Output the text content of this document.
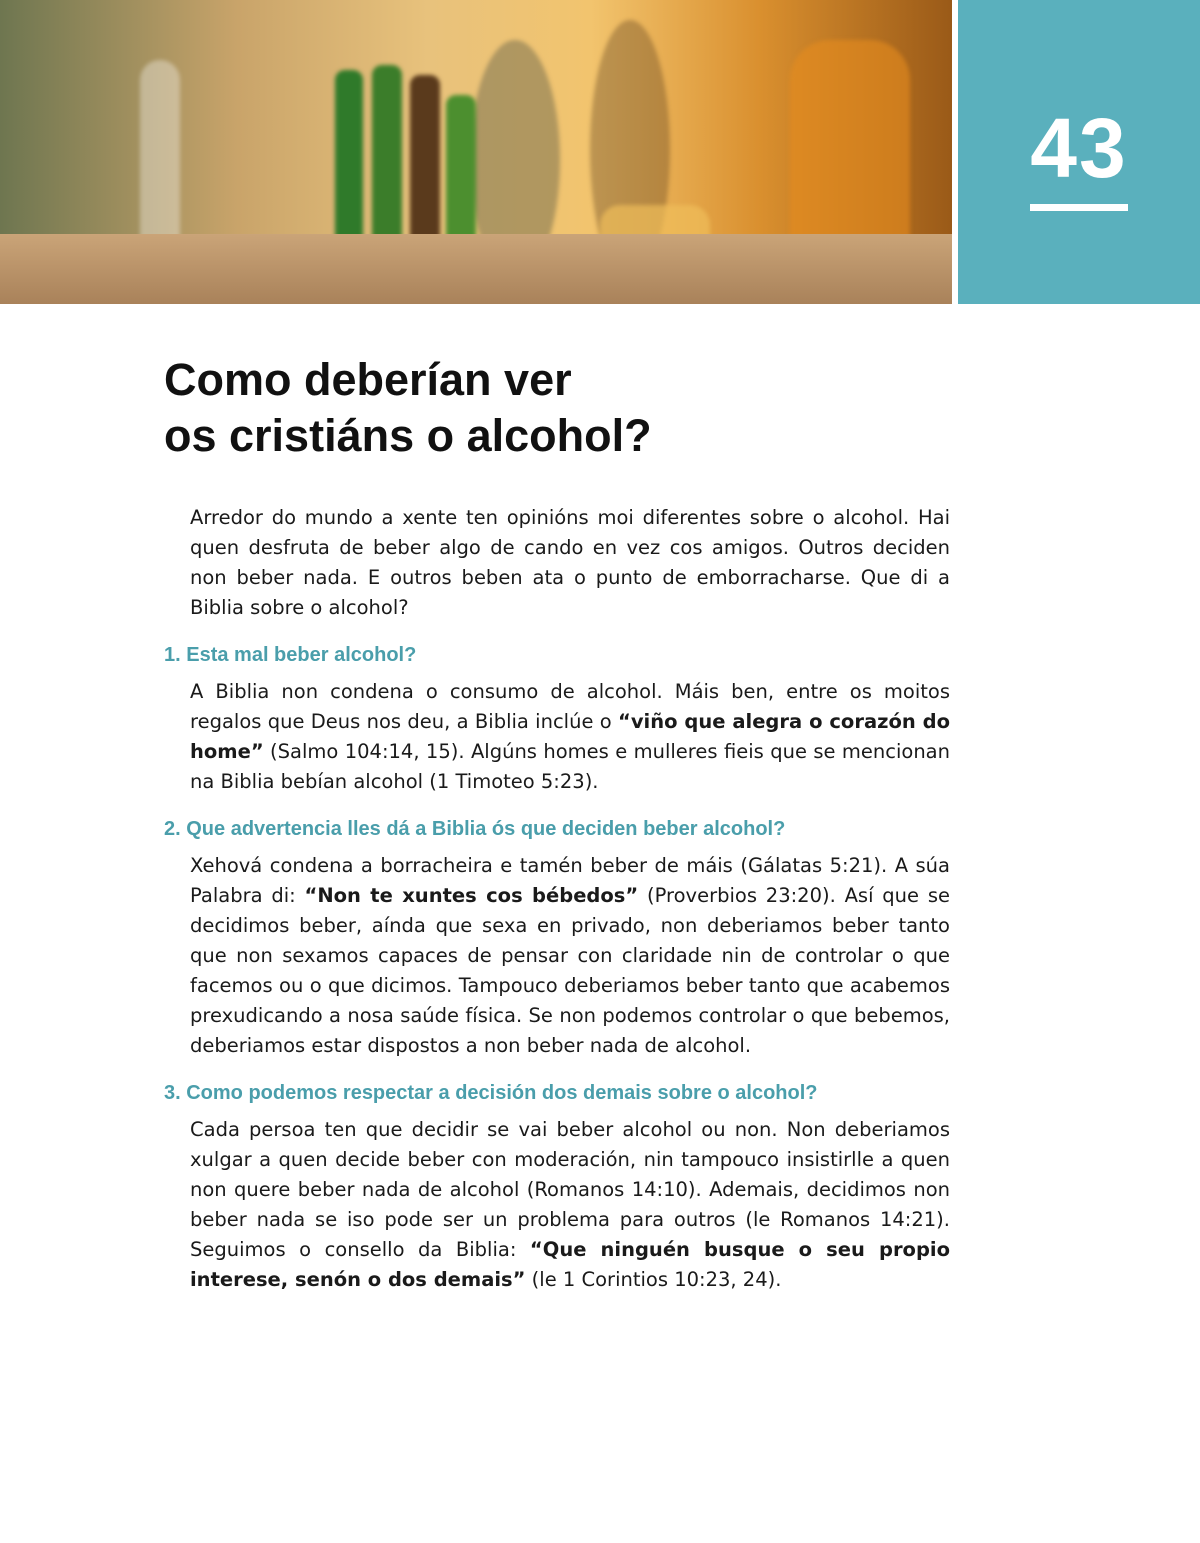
43
Como deberían ver
os cristiáns o alcohol?

Arredor do mundo a xente ten opinións moi diferentes sobre o alcohol. Hai quen desfruta de beber algo de cando en vez cos amigos. Outros deciden non beber nada. E outros beben ata o punto de emborracharse. Que di a Biblia sobre o alcohol?

1. Esta mal beber alcohol?

A Biblia non condena o consumo de alcohol. Máis ben, entre os moitos regalos que Deus nos deu, a Biblia inclúe o “viño que alegra o corazón do home” (Salmo 104:14, 15). Algúns homes e mulleres fieis que se mencionan na Biblia bebían alcohol (1 Timoteo 5:23).

2. Que advertencia lles dá a Biblia ós que deciden beber alcohol?

Xehová condena a borracheira e tamén beber de máis (Gálatas 5:21). A súa Palabra di: “Non te xuntes cos bébedos” (Proverbios 23:20). Así que se decidimos beber, aínda que sexa en privado, non deberiamos beber tanto que non sexamos capaces de pensar con claridade nin de controlar o que facemos ou o que dicimos. Tampouco deberiamos beber tanto que acabemos prexudicando a nosa saúde física. Se non podemos controlar o que bebemos, deberiamos estar dispostos a non beber nada de alcohol.

3. Como podemos respectar a decisión dos demais sobre o alcohol?

Cada persoa ten que decidir se vai beber alcohol ou non. Non deberiamos xulgar a quen decide beber con moderación, nin tampouco insistirlle a quen non quere beber nada de alcohol (Romanos 14:10). Ademais, decidimos non beber nada se iso pode ser un problema para outros (le Romanos 14:21). Seguimos o consello da Biblia: “Que ninguén busque o seu propio interese, senón o dos demais” (le 1 Corintios 10:23, 24).
